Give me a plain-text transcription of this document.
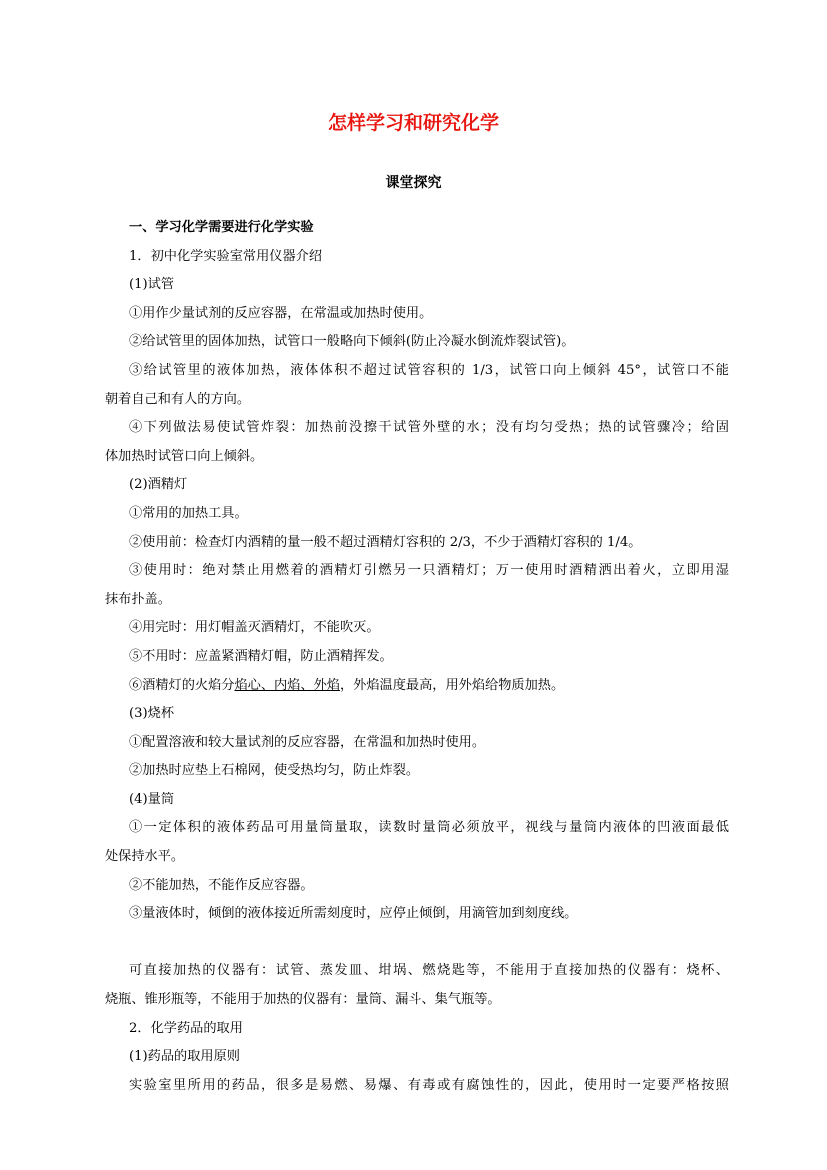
怎样学习和研究化学
课堂探究
一、学习化学需要进行化学实验
1．初中化学实验室常用仪器介绍
(1)试管
①用作少量试剂的反应容器，在常温或加热时使用。
②给试管里的固体加热，试管口一般略向下倾斜(防止冷凝水倒流炸裂试管)。
③给试管里的液体加热，液体体积不超过试管容积的 1/3，试管口向上倾斜 45°，试管口不能
朝着自己和有人的方向。
④下列做法易使试管炸裂：加热前没擦干试管外壁的水；没有均匀受热；热的试管骤冷；给固
体加热时试管口向上倾斜。
(2)酒精灯
①常用的加热工具。
②使用前：检查灯内酒精的量一般不超过酒精灯容积的 2/3，不少于酒精灯容积的 1/4。
③使用时：绝对禁止用燃着的酒精灯引燃另一只酒精灯；万一使用时酒精洒出着火，立即用湿
抹布扑盖。
④用完时：用灯帽盖灭酒精灯，不能吹灭。
⑤不用时：应盖紧酒精灯帽，防止酒精挥发。
⑥酒精灯的火焰分焰心、内焰、外焰，外焰温度最高，用外焰给物质加热。
(3)烧杯
①配置溶液和较大量试剂的反应容器，在常温和加热时使用。
②加热时应垫上石棉网，使受热均匀，防止炸裂。
(4)量筒
①一定体积的液体药品可用量筒量取，读数时量筒必须放平，视线与量筒内液体的凹液面最低
处保持水平。
②不能加热，不能作反应容器。
③量液体时，倾倒的液体接近所需刻度时，应停止倾倒，用滴管加到刻度线。
可直接加热的仪器有：试管、蒸发皿、坩埚、燃烧匙等，不能用于直接加热的仪器有：烧杯、
烧瓶、锥形瓶等，不能用于加热的仪器有：量筒、漏斗、集气瓶等。
2．化学药品的取用
(1)药品的取用原则
实验室里所用的药品，很多是易燃、易爆、有毒或有腐蚀性的，因此，使用时一定要严格按照
